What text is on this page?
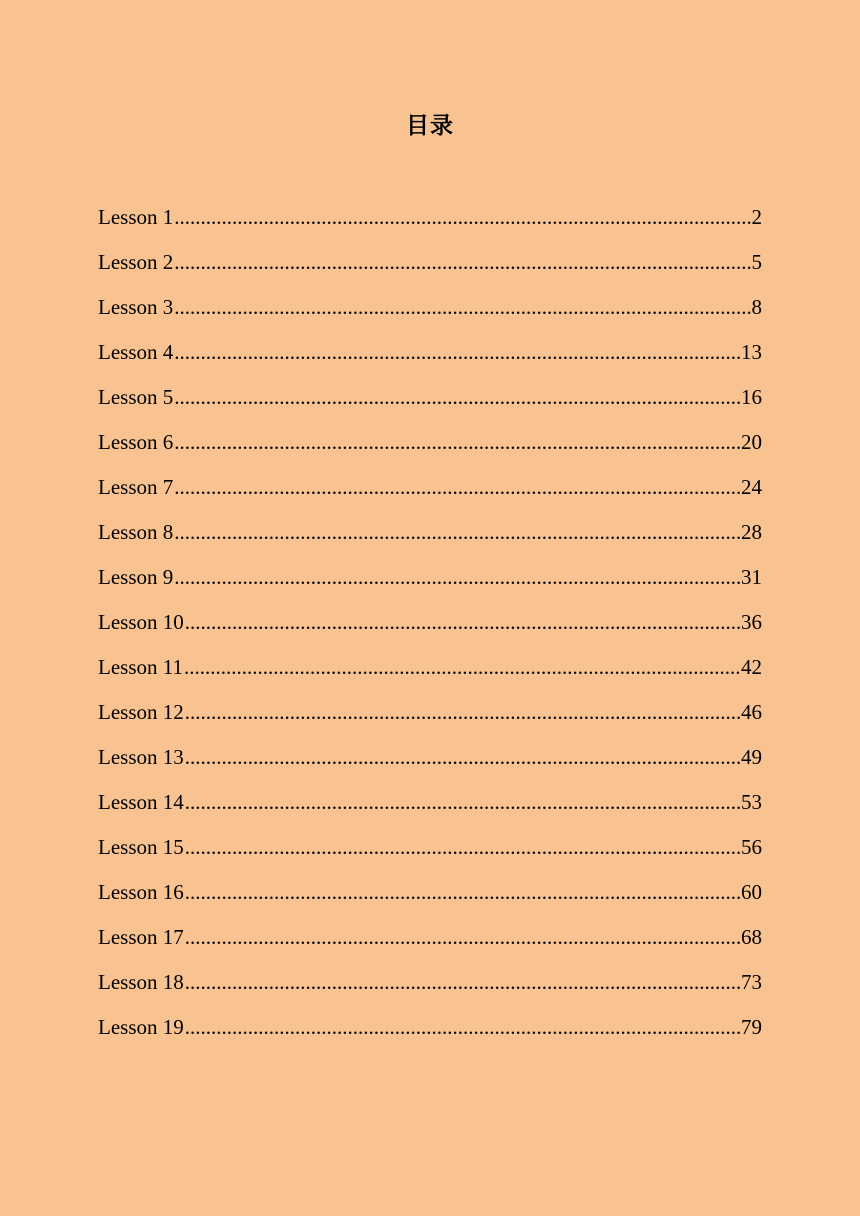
目录
Lesson 1 .....	2
Lesson 2 .....	5
Lesson 3 .....	8
Lesson 4 .....	13
Lesson 5 .....	16
Lesson 6 .....	20
Lesson 7 .....	24
Lesson 8 .....	28
Lesson 9 .....	31
Lesson 10 .....	36
Lesson 11 .....	42
Lesson 12 .....	46
Lesson 13 .....	49
Lesson 14 .....	53
Lesson 15 .....	56
Lesson 16 .....	60
Lesson 17 .....	68
Lesson 18 .....	73
Lesson 19 .....	79
